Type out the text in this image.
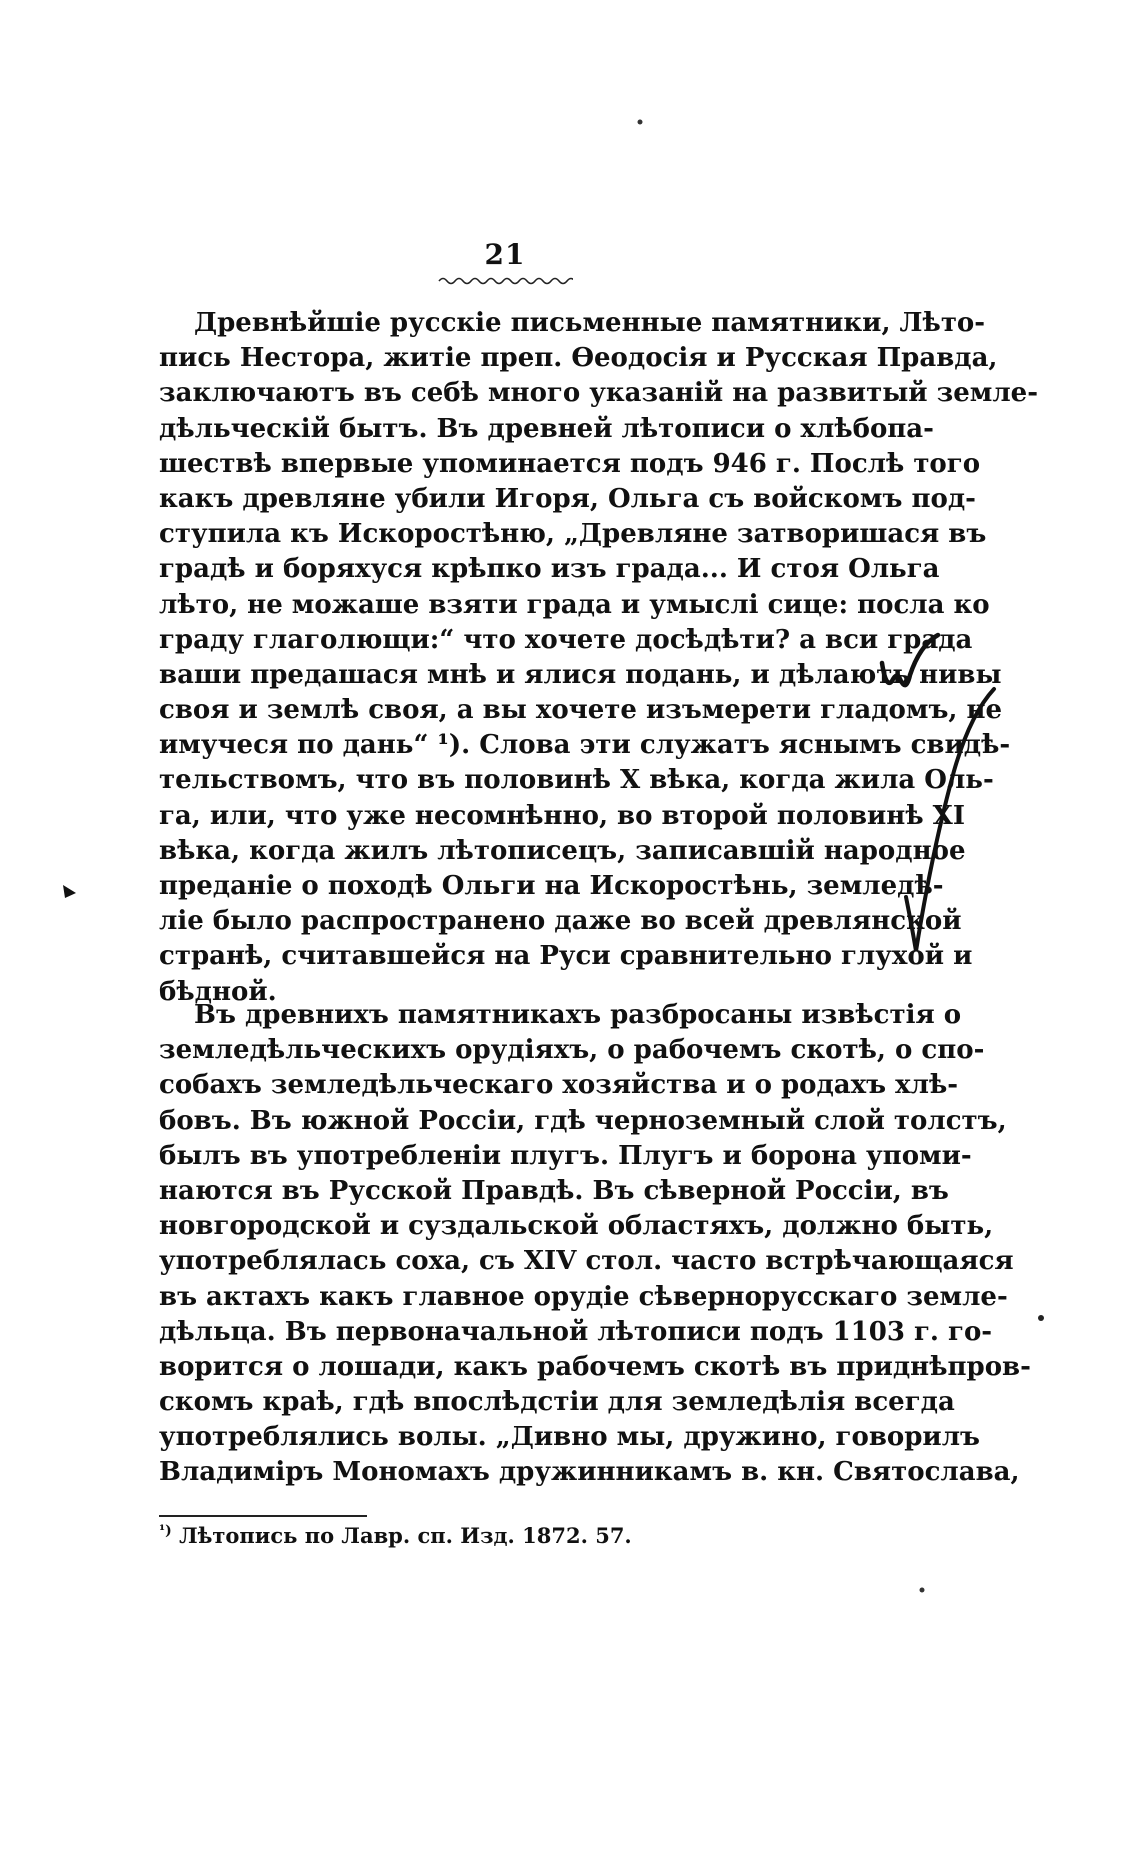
21
Древнѣйшіе русскіе письменные памятники, Лѣто-
пись Нестора, житіе преп. Ѳеодосія и Русская Правда,
заключаютъ въ себѣ много указаній на развитый земле-
дѣльческій бытъ. Въ древней лѣтописи о хлѣбопа-
шествѣ впервые упоминается подъ 946 г. Послѣ того
какъ древляне убили Игоря, Ольга съ войскомъ под-
ступила къ Искоростѣню, „Древляне затворишася въ
градѣ и боряхуся крѣпко изъ града... И стоя Ольга
лѣто, не можаше взяти града и умыслі сице: посла ко
граду глаголющи:“ что хочете досѣдѣти? а вси града
ваши предашася мнѣ и ялися подань, и дѣлають нивы
своя и землѣ своя, а вы хочете изъмерети гладомъ, не
имучеся по дань“ ¹). Слова эти служатъ яснымъ свидѣ-
тельствомъ, что въ половинѣ X вѣка, когда жила Оль-
га, или, что уже несомнѣнно, во второй половинѣ XI
вѣка, когда жилъ лѣтописецъ, записавшій народное
преданіе о походѣ Ольги на Искоростѣнь, земледѣ-
ліе было распространено даже во всей древлянской
странѣ, считавшейся на Руси сравнительно глухой и
бѣдной.
Въ древнихъ памятникахъ разбросаны извѣстія о
земледѣльческихъ орудіяхъ, о рабочемъ скотѣ, о спо-
собахъ земледѣльческаго хозяйства и о родахъ хлѣ-
бовъ. Въ южной Россіи, гдѣ черноземный слой толстъ,
былъ въ употребленіи плугъ. Плугъ и борона упоми-
наются въ Русской Правдѣ. Въ сѣверной Россіи, въ
новгородской и суздальской областяхъ, должно быть,
употреблялась соха, съ XIV стол. часто встрѣчающаяся
въ актахъ какъ главное орудіе сѣвернорусскаго земле-
дѣльца. Въ первоначальной лѣтописи подъ 1103 г. го-
ворится о лошади, какъ рабочемъ скотѣ въ приднѣпров-
скомъ краѣ, гдѣ впослѣдстіи для земледѣлія всегда
употреблялись волы. „Дивно мы, дружино, говорилъ
Владиміръ Мономахъ дружинникамъ в. кн. Святослава,
$^{^1)}$ Лѣтопись по Лавр. сп. Изд. 1872. 57.
